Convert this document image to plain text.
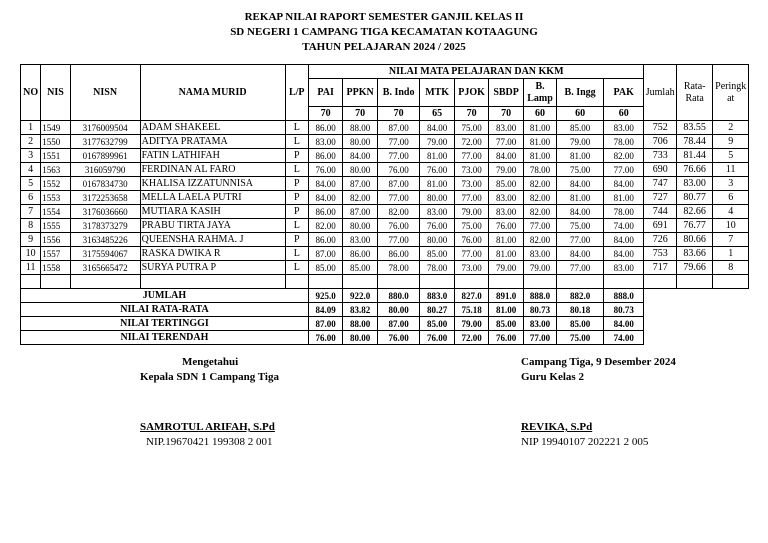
REKAP NILAI RAPORT SEMESTER GANJIL KELAS II
SD NEGERI 1 CAMPANG TIGA KECAMATAN KOTAAGUNG
TAHUN PELAJARAN 2024 / 2025
NO	NIS	NISN	NAMA MURID	L/P	NILAI MATA PELAJARAN DAN KKM									Jumlah	Rata-Rata	Peringkat
					PAI	PPKN	B. Indo	MTK	PJOK	SBDP	B. Lamp	B. Ingg	PAK			
					70	70	70	65	70	70	60	60	60			
1	1549	3176009504	ADAM SHAKEEL	L	86.00	88.00	87.00	84.00	75.00	83.00	81.00	85.00	83.00	752	83.55	2
2	1550	3177632799	ADITYA PRATAMA	L	83.00	80.00	77.00	79.00	72.00	77.00	81.00	79.00	78.00	706	78.44	9
3	1551	0167899961	FATIN LATHIFAH	P	86.00	84.00	77.00	81.00	77.00	84.00	81.00	81.00	82.00	733	81.44	5
4	1563	316059790	FERDINAN AL FARO	L	76.00	80.00	76.00	76.00	73.00	79.00	78.00	75.00	77.00	690	76.66	11
5	1552	0167834730	KHALISA IZZATUNNISA	P	84.00	87.00	87.00	81.00	73.00	85.00	82.00	84.00	84.00	747	83.00	3
6	1553	3172253658	MELLA LAELA PUTRI	P	84.00	82.00	77.00	80.00	77.00	83.00	82.00	81.00	81.00	727	80.77	6
7	1554	3176036660	MUTIARA KASIH	P	86.00	87.00	82.00	83.00	79.00	83.00	82.00	84.00	78.00	744	82.66	4
8	1555	3178373279	PRABU TIRTA JAYA	L	82.00	80.00	76.00	76.00	75.00	76.00	77.00	75.00	74.00	691	76.77	10
9	1556	3163485226	QUEENSHA RAHMA. J	P	86.00	83.00	77.00	80.00	76.00	81.00	82.00	77.00	84.00	726	80.66	7
10	1557	3175594067	RASKA DWIKA R	L	87.00	86.00	86.00	85.00	77.00	81.00	83.00	84.00	84.00	753	83.66	1
11	1558	3165665472	SURYA PUTRA P	L	85.00	85.00	78.00	78.00	73.00	79.00	79.00	77.00	83.00	717	79.66	8

JUMLAH					925.0	922.0	880.0	883.0	827.0	891.0	888.0	882.0	888.0			
NILAI RATA-RATA					84.09	83.82	80.00	80.27	75.18	81.00	80.73	80.18	80.73			
NILAI TERTINGGI					87.00	88.00	87.00	85.00	79.00	85.00	83.00	85.00	84.00			
NILAI TERENDAH					76.00	80.00	76.00	76.00	72.00	76.00	77.00	75.00	74.00			
Mengetahui
Kepala SDN 1 Campang Tiga
SAMROTUL ARIFAH, S.Pd
NIP.19670421 199308 2 001
Campang Tiga, 9 Desember 2024
Guru Kelas 2
REVIKA, S.Pd
NIP 19940107 202221 2 005
